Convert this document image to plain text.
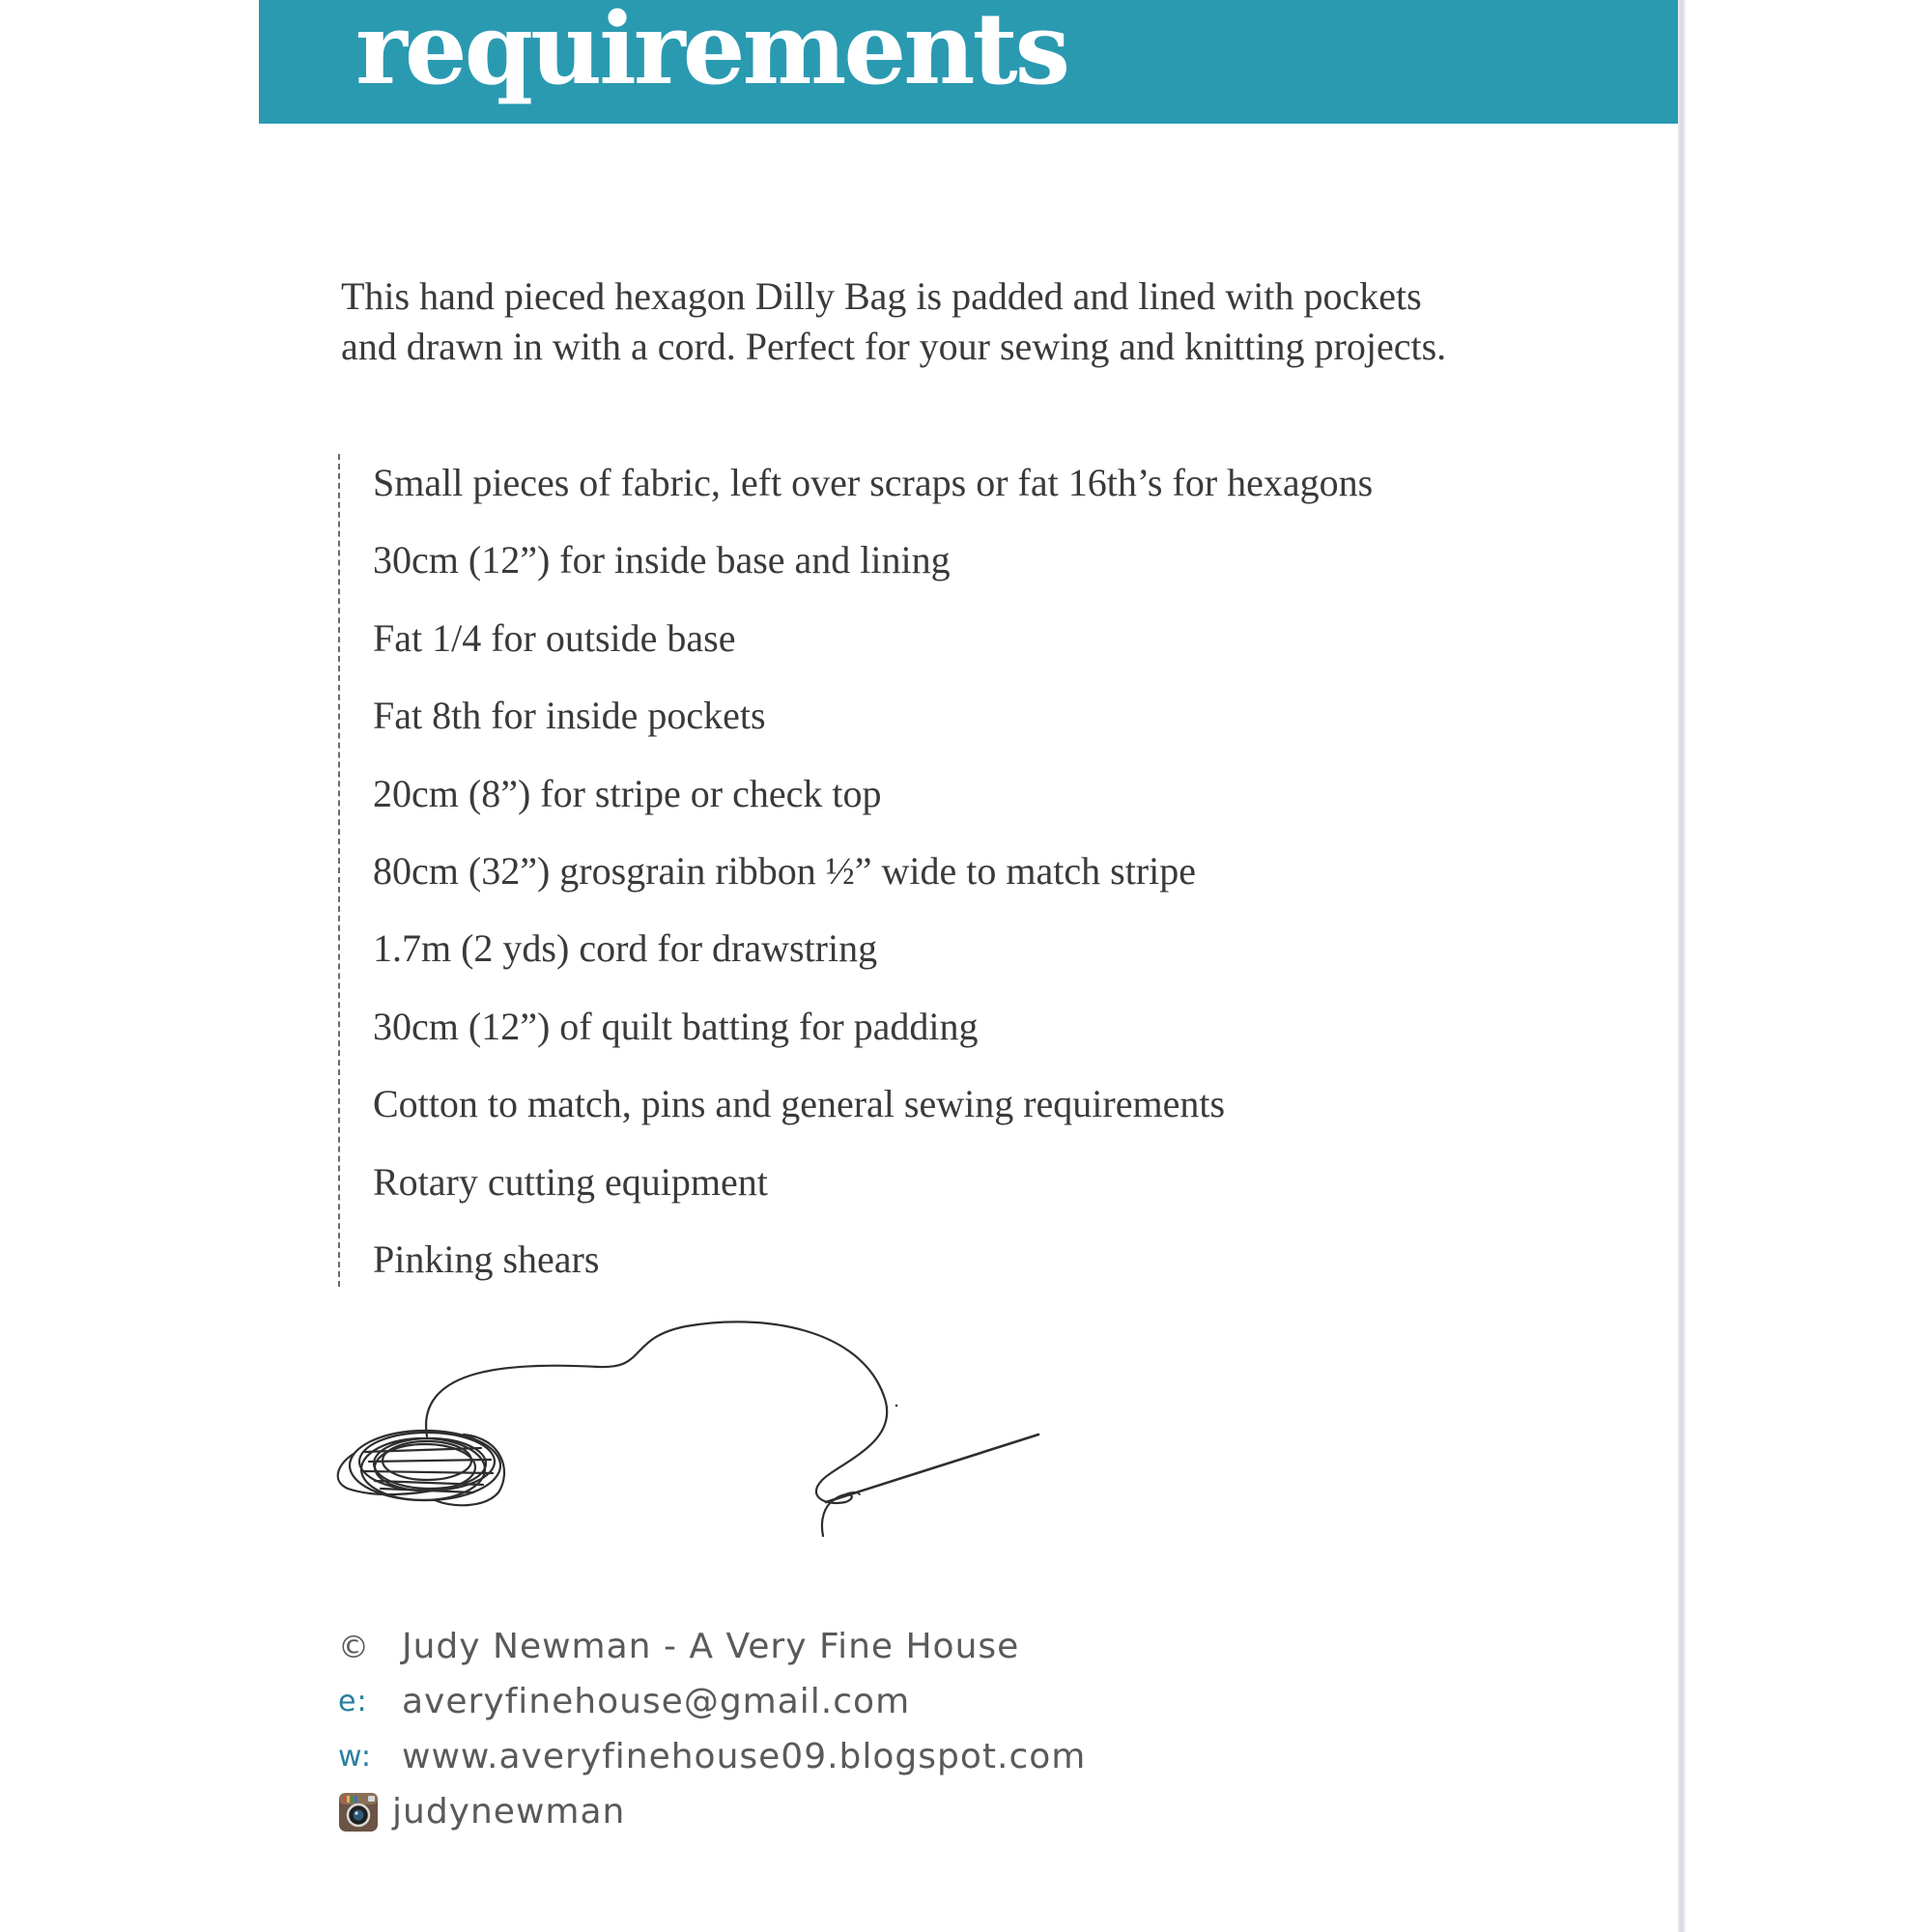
requirements

This hand pieced hexagon Dilly Bag is padded and lined with pockets and drawn in with a cord. Perfect for your sewing and knitting projects.

Small pieces of fabric, left over scraps or fat 16th’s for hexagons
30cm (12”) for inside base and lining
Fat 1/4 for outside base
Fat 8th for inside pockets
20cm (8”) for stripe or check top
80cm (32”) grosgrain ribbon ½” wide to match stripe
1.7m (2 yds) cord for drawstring
30cm (12”) of quilt batting for padding
Cotton to match, pins and general sewing requirements
Rotary cutting equipment
Pinking shears
© Judy Newman - A Very Fine House
e: averyfinehouse@gmail.com
w: www.averyfinehouse09.blogspot.com
judynewman
